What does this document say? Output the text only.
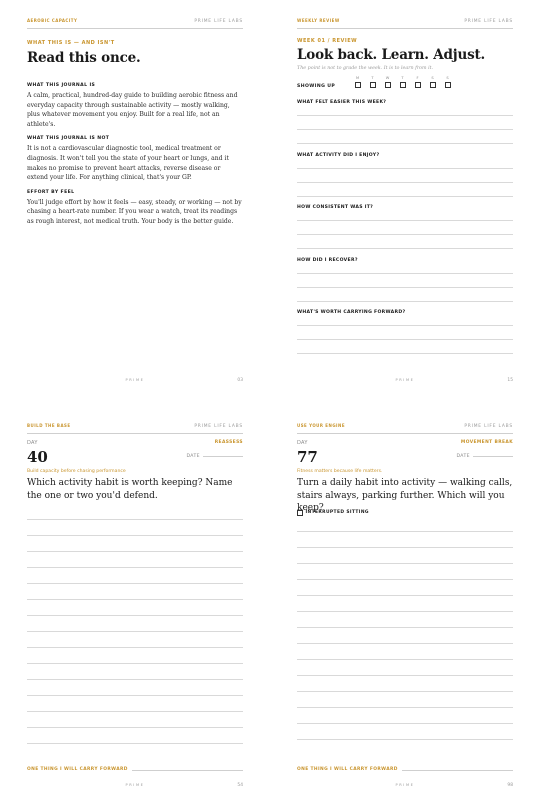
AEROBIC CAPACITY	PRIME LIFE LABS
WHAT THIS IS — AND ISN'T
Read this once.
WHAT THIS JOURNAL IS
A calm, practical, hundred-day guide to building aerobic fitness and everyday capacity through sustainable activity — mostly walking, plus whatever movement you enjoy. Built for a real life, not an athlete's.
WHAT THIS JOURNAL IS NOT
It is not a cardiovascular diagnostic tool, medical treatment or diagnosis. It won't tell you the state of your heart or lungs, and it makes no promise to prevent heart attacks, reverse disease or extend your life. For anything clinical, that's your GP.
EFFORT BY FEEL
You'll judge effort by how it feels — easy, steady, or working — not by chasing a heart-rate number. If you wear a watch, treat its readings as rough interest, not medical truth. Your body is the better guide.
PRIME	03
WEEKLY REVIEW	PRIME LIFE LABS
WEEK 01 / REVIEW
Look back. Learn. Adjust.
The point is not to grade the week. It is to learn from it.
SHOWING UP
M	T	W	T	F	S	S
WHAT FELT EASIER THIS WEEK?
WHAT ACTIVITY DID I ENJOY?
HOW CONSISTENT WAS IT?
HOW DID I RECOVER?
WHAT'S WORTH CARRYING FORWARD?
PRIME	15
BUILD THE BASE	PRIME LIFE LABS
DAY	REASSESS
40	DATE
Build capacity before chasing performance
Which activity habit is worth keeping? Name the one or two you'd defend.
ONE THING I WILL CARRY FORWARD
PRIME	54
USE YOUR ENGINE	PRIME LIFE LABS
DAY	MOVEMENT BREAK
77	DATE
Fitness matters because life matters.
Turn a daily habit into activity — walking calls, stairs always, parking further. Which will you keep?
INTERRUPTED SITTING
ONE THING I WILL CARRY FORWARD
PRIME	98
